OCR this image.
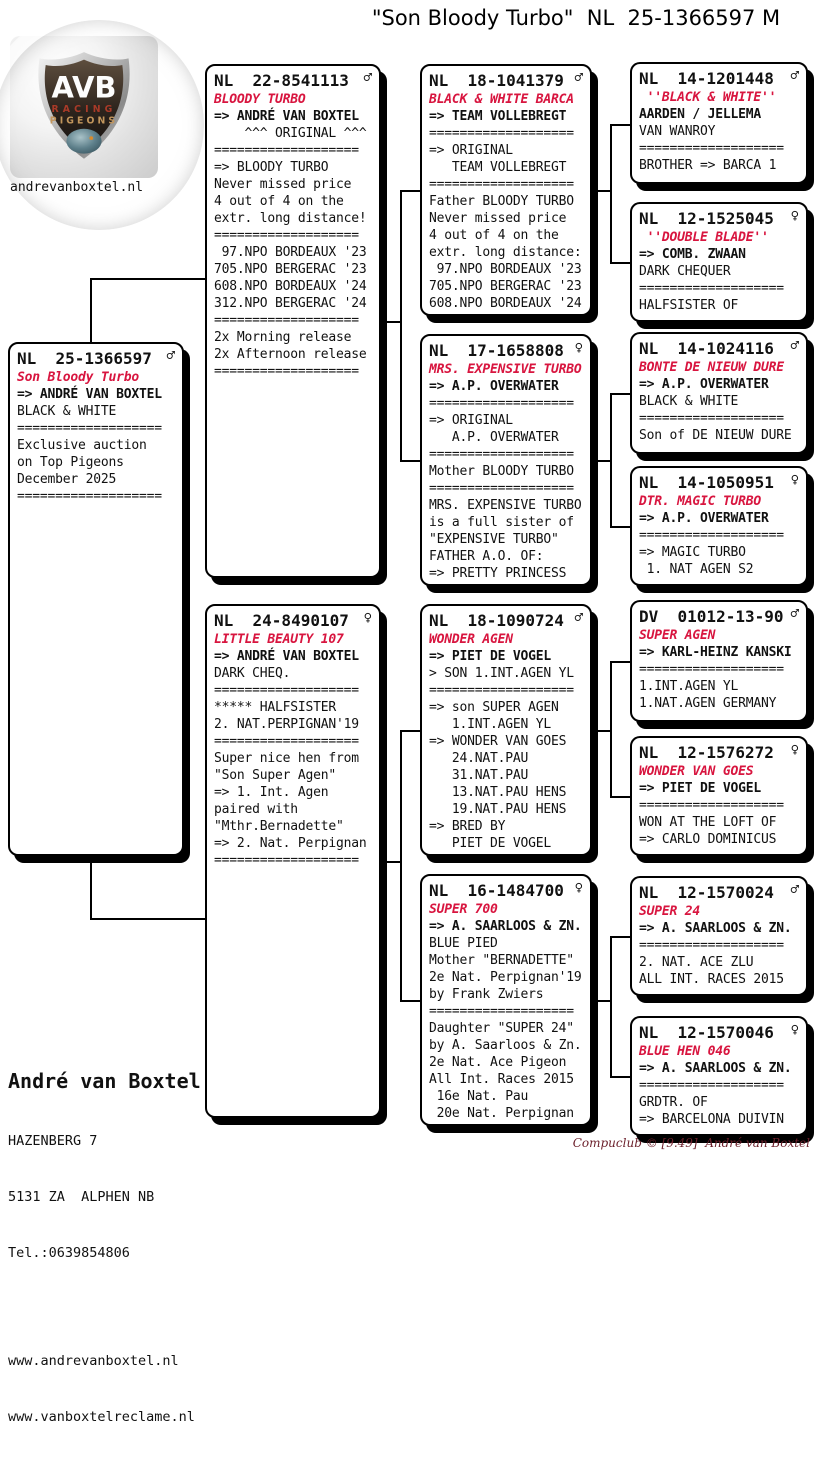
"Son Bloody Turbo"  NL  25-1366597 M
AVB
RACING
PIGEONS
andrevanboxtel.nl
NL  25-1366597 ♂
Son Bloody Turbo
=> ANDRÉ VAN BOXTEL
BLACK & WHITE
===================
Exclusive auction
on Top Pigeons
December 2025
===================
NL  22-8541113 ♂
BLOODY TURBO
=> ANDRÉ VAN BOXTEL
^^^ ORIGINAL ^^^
===================
=> BLOODY TURBO
Never missed price
4 out of 4 on the
extr. long distance!
===================
97.NPO BORDEAUX '23
705.NPO BERGERAC '23
608.NPO BORDEAUX '24
312.NPO BERGERAC '24
===================
2x Morning release
2x Afternoon release
===================
NL  24-8490107 ♀
LITTLE BEAUTY 107
=> ANDRÉ VAN BOXTEL
DARK CHEQ.
===================
***** HALFSISTER
2. NAT.PERPIGNAN'19
===================
Super nice hen from
"Son Super Agen"
=> 1. Int. Agen
paired with
"Mthr.Bernadette"
=> 2. Nat. Perpignan
===================
NL  18-1041379 ♂
BLACK & WHITE BARCA
=> TEAM VOLLEBREGT
===================
=> ORIGINAL
TEAM VOLLEBREGT
===================
Father BLOODY TURBO
Never missed price
4 out of 4 on the
extr. long distance:
97.NPO BORDEAUX '23
705.NPO BERGERAC '23
608.NPO BORDEAUX '24
NL  17-1658808 ♀
MRS. EXPENSIVE TURBO
=> A.P. OVERWATER
===================
=> ORIGINAL
A.P. OVERWATER
===================
Mother BLOODY TURBO
===================
MRS. EXPENSIVE TURBO
is a full sister of
"EXPENSIVE TURBO"
FATHER A.O. OF:
=> PRETTY PRINCESS
NL  18-1090724 ♂
WONDER AGEN
=> PIET DE VOGEL
> SON 1.INT.AGEN YL
===================
=> son SUPER AGEN
1.INT.AGEN YL
=> WONDER VAN GOES
24.NAT.PAU
31.NAT.PAU
13.NAT.PAU HENS
19.NAT.PAU HENS
=> BRED BY
PIET DE VOGEL
NL  16-1484700 ♀
SUPER 700
=> A. SAARLOOS & ZN.
BLUE PIED
Mother "BERNADETTE"
2e Nat. Perpignan'19
by Frank Zwiers
===================
Daughter "SUPER 24"
by A. Saarloos & Zn.
2e Nat. Ace Pigeon
All Int. Races 2015
16e Nat. Pau
20e Nat. Perpignan
NL  14-1201448 ♂
''BLACK & WHITE''
AARDEN / JELLEMA
VAN WANROY
===================
BROTHER => BARCA 1
NL  12-1525045 ♀
''DOUBLE BLADE''
=> COMB. ZWAAN
DARK CHEQUER
===================
HALFSISTER OF
NL  14-1024116 ♂
BONTE DE NIEUW DURE
=> A.P. OVERWATER
BLACK & WHITE
===================
Son of DE NIEUW DURE
NL  14-1050951 ♀
DTR. MAGIC TURBO
=> A.P. OVERWATER
===================
=> MAGIC TURBO
1. NAT AGEN S2
DV  01012-13-90 ♂
SUPER AGEN
=> KARL-HEINZ KANSKI
===================
1.INT.AGEN YL
1.NAT.AGEN GERMANY
NL  12-1576272 ♀
WONDER VAN GOES
=> PIET DE VOGEL
===================
WON AT THE LOFT OF
=> CARLO DOMINICUS
NL  12-1570024 ♂
SUPER 24
=> A. SAARLOOS & ZN.
===================
2. NAT. ACE ZLU
ALL INT. RACES 2015
NL  12-1570046 ♀
BLUE HEN 046
=> A. SAARLOOS & ZN.
===================
GRDTR. OF
=> BARCELONA DUIVIN

André van Boxtel

HAZENBERG 7

5131 ZA  ALPHEN NB

Tel.:0639854806

www.andrevanboxtel.nl

www.vanboxtelreclame.nl

Compuclub © [9.49]  André van Boxtel
